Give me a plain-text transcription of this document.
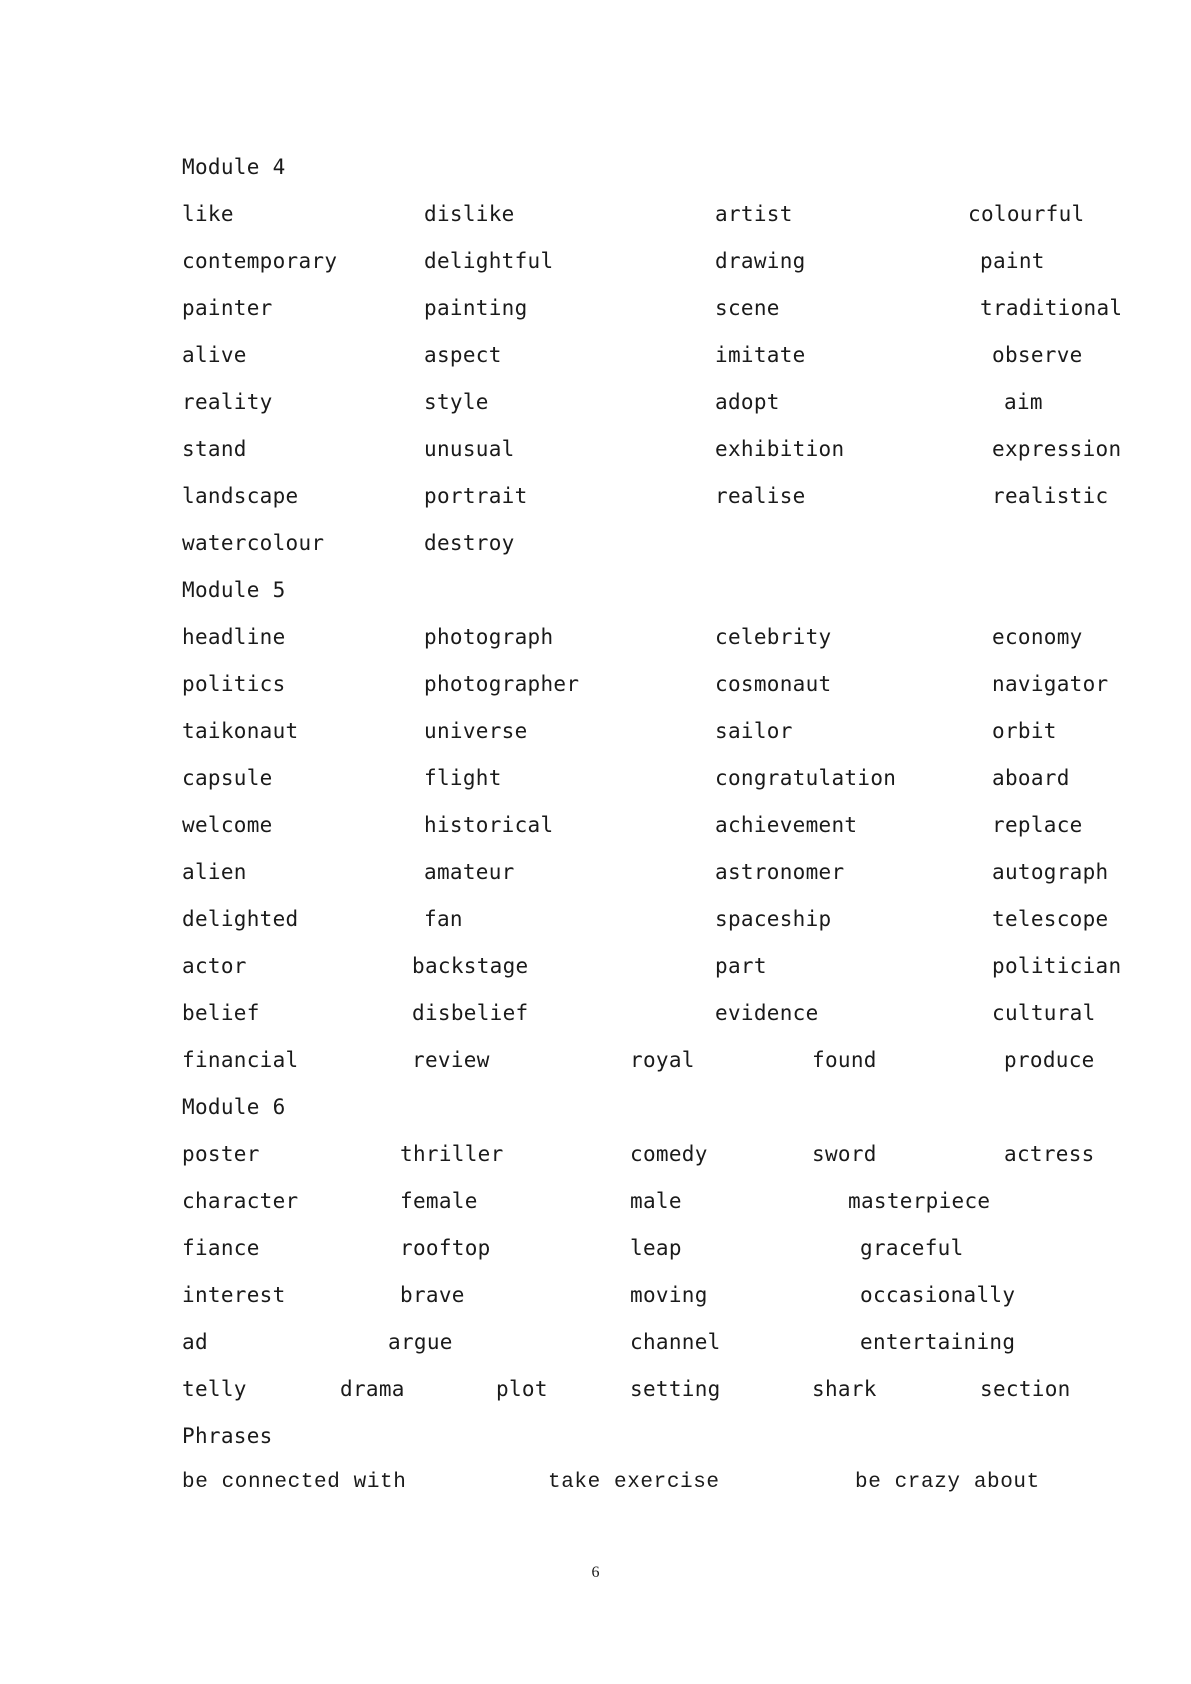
Module 4
like	dislike	artist	colourful
contemporary	delightful	drawing	paint
painter	painting	scene	traditional
alive	aspect	imitate	observe
reality	style	adopt	aim
stand	unusual	exhibition	expression
landscape	portrait	realise	realistic
watercolour	destroy
Module 5
headline	photograph	celebrity	economy
politics	photographer	cosmonaut	navigator
taikonaut	universe	sailor	orbit
capsule	flight	congratulation	aboard
welcome	historical	achievement	replace
alien	amateur	astronomer	autograph
delighted	fan	spaceship	telescope
actor	backstage	part	politician
belief	disbelief	evidence	cultural
financial	review	royal	found	produce
Module 6
poster	thriller	comedy	sword	actress
character	female	male	masterpiece
fiance	rooftop	leap	graceful
interest	brave	moving	occasionally
ad	argue	channel	entertaining
telly	drama	plot	setting	shark	section
Phrases
be connected with	take exercise	be crazy about
6
